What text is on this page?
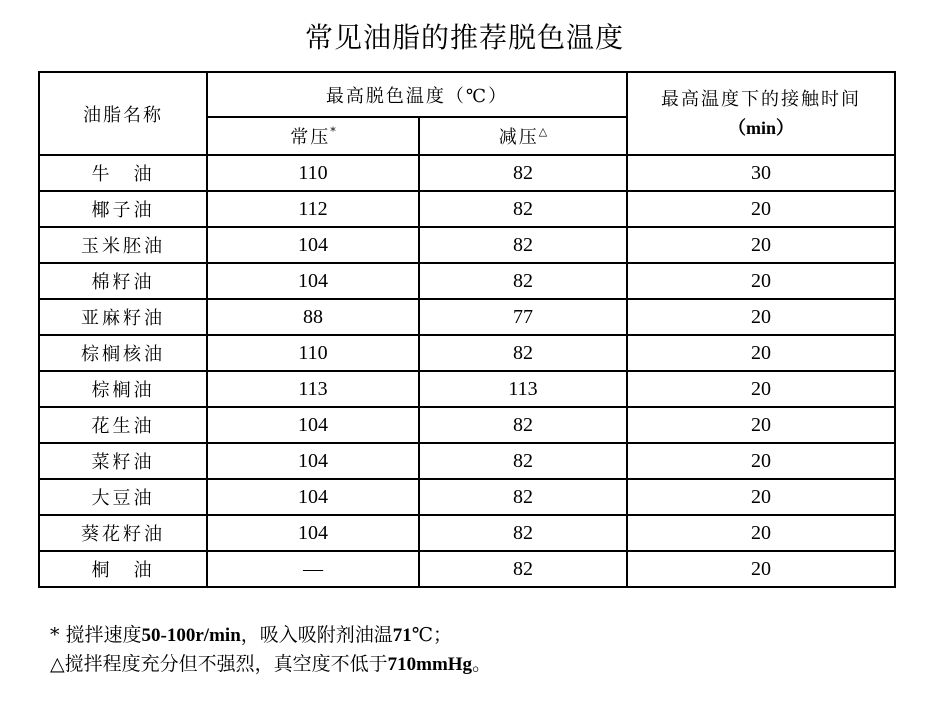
常见油脂的推荐脱色温度
油脂名称	最高脱色温度（℃）		最高温度下的接触时间
（min）

	常压*	减压△
牛　油	110	82	30
椰子油	112	82	20
玉米胚油	104	82	20
棉籽油	104	82	20
亚麻籽油	88	77	20
棕榈核油	110	82	20
棕榈油	113	113	20
花生油	104	82	20
菜籽油	104	82	20
大豆油	104	82	20
葵花籽油	104	82	20
桐　油	—	82	20
* 搅拌速度50-100r/min，吸入吸附剂油温71℃；
△搅拌程度充分但不强烈，真空度不低于710mmHg。
